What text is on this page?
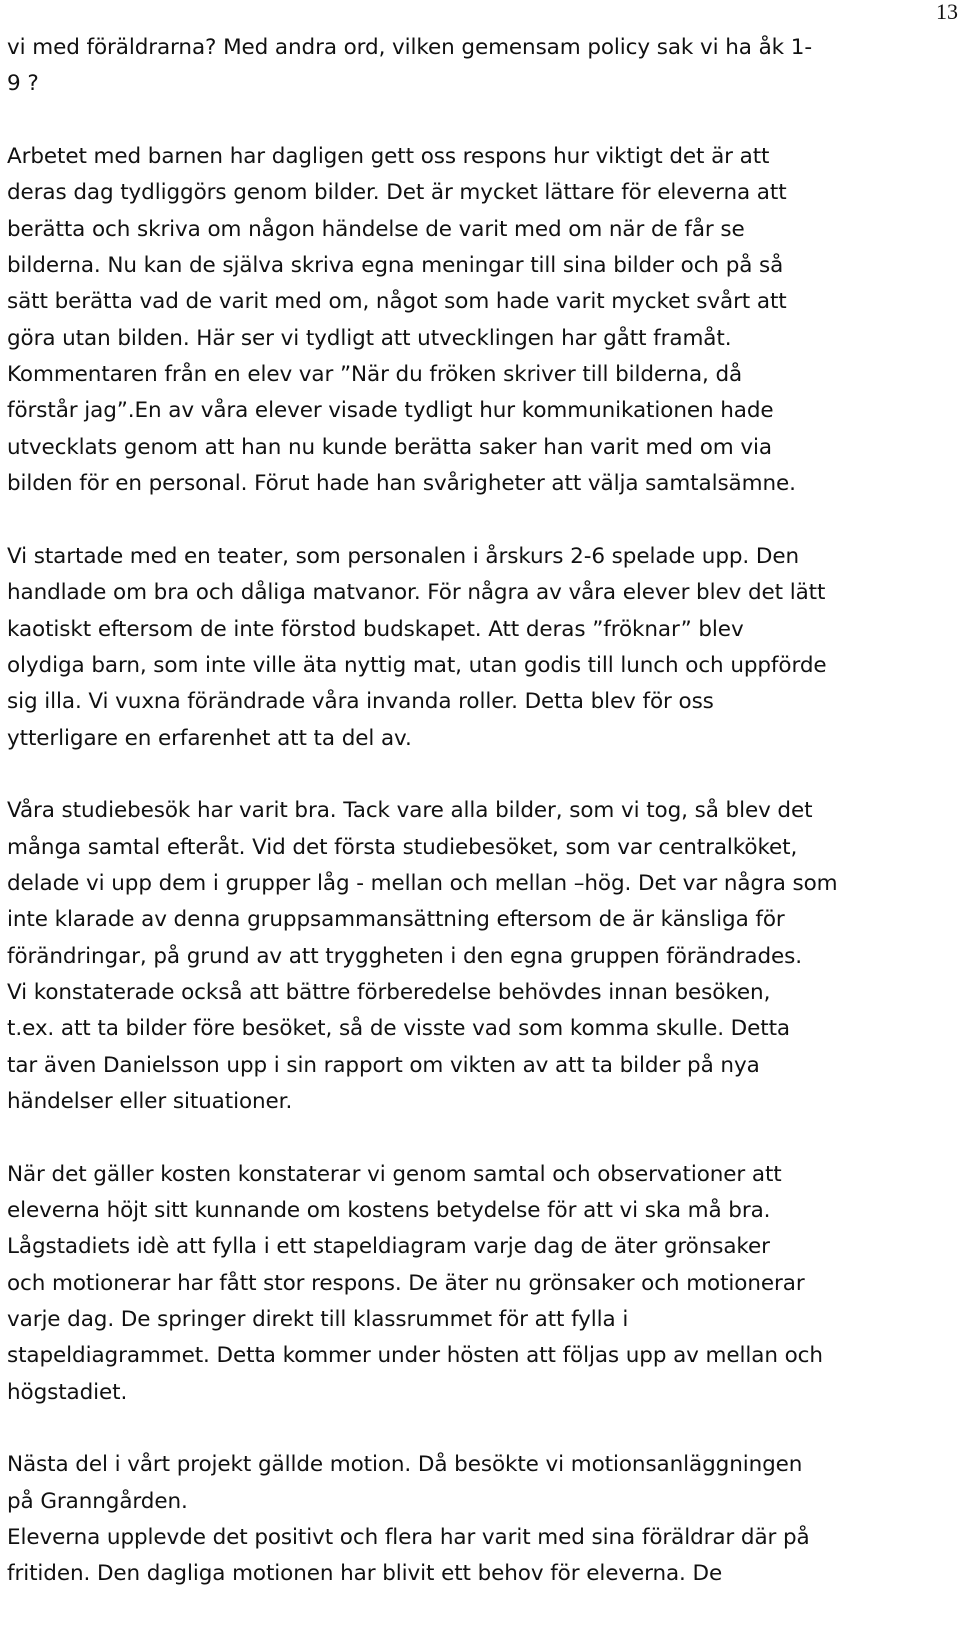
13
vi med föräldrarna? Med andra ord, vilken gemensam policy sak vi ha åk 1-
9 ?
Arbetet med barnen har dagligen gett oss respons hur viktigt det är att
deras dag tydliggörs genom bilder. Det är mycket lättare för eleverna att
berätta och skriva om någon händelse de varit med om när de får se
bilderna. Nu kan de själva skriva egna meningar till sina bilder och på så
sätt berätta vad de varit med om, något som hade varit mycket svårt att
göra utan bilden. Här ser vi tydligt att utvecklingen har gått framåt.
Kommentaren från en elev var ”När du fröken skriver till bilderna, då
förstår jag”.En av våra elever visade tydligt hur kommunikationen hade
utvecklats genom att han nu kunde berätta saker han varit med om via
bilden för en personal. Förut hade han svårigheter att välja samtalsämne.
Vi startade med en teater, som personalen i årskurs 2-6 spelade upp. Den
handlade om bra och dåliga matvanor. För några av våra elever blev det lätt
kaotiskt eftersom de inte förstod budskapet. Att deras ”fröknar” blev
olydiga barn, som inte ville äta nyttig mat, utan godis till lunch och uppförde
sig illa. Vi vuxna förändrade våra invanda roller. Detta blev för oss
ytterligare en erfarenhet att ta del av.
Våra studiebesök har varit bra. Tack vare alla bilder, som vi tog, så blev det
många samtal efteråt. Vid det första studiebesöket, som var centralköket,
delade vi upp dem i grupper låg - mellan och mellan –hög. Det var några som
inte klarade av denna gruppsammansättning eftersom de är känsliga för
förändringar, på grund av att tryggheten i den egna gruppen förändrades.
Vi konstaterade också att bättre förberedelse behövdes innan besöken,
t.ex. att ta bilder före besöket, så de visste vad som komma skulle. Detta
tar även Danielsson upp i sin rapport om vikten av att ta bilder på nya
händelser eller situationer.
När det gäller kosten konstaterar vi genom samtal och observationer att
eleverna höjt sitt kunnande om kostens betydelse för att vi ska må bra.
Lågstadiets idè att fylla i ett stapeldiagram varje dag de äter grönsaker
och motionerar har fått stor respons. De äter nu grönsaker och motionerar
varje dag. De springer direkt till klassrummet för att fylla i
stapeldiagrammet. Detta kommer under hösten att följas upp av mellan och
högstadiet.
Nästa del i vårt projekt gällde motion. Då besökte vi motionsanläggningen
på Granngården.
Eleverna upplevde det positivt och flera har varit med sina föräldrar där på
fritiden. Den dagliga motionen har blivit ett behov för eleverna. De
